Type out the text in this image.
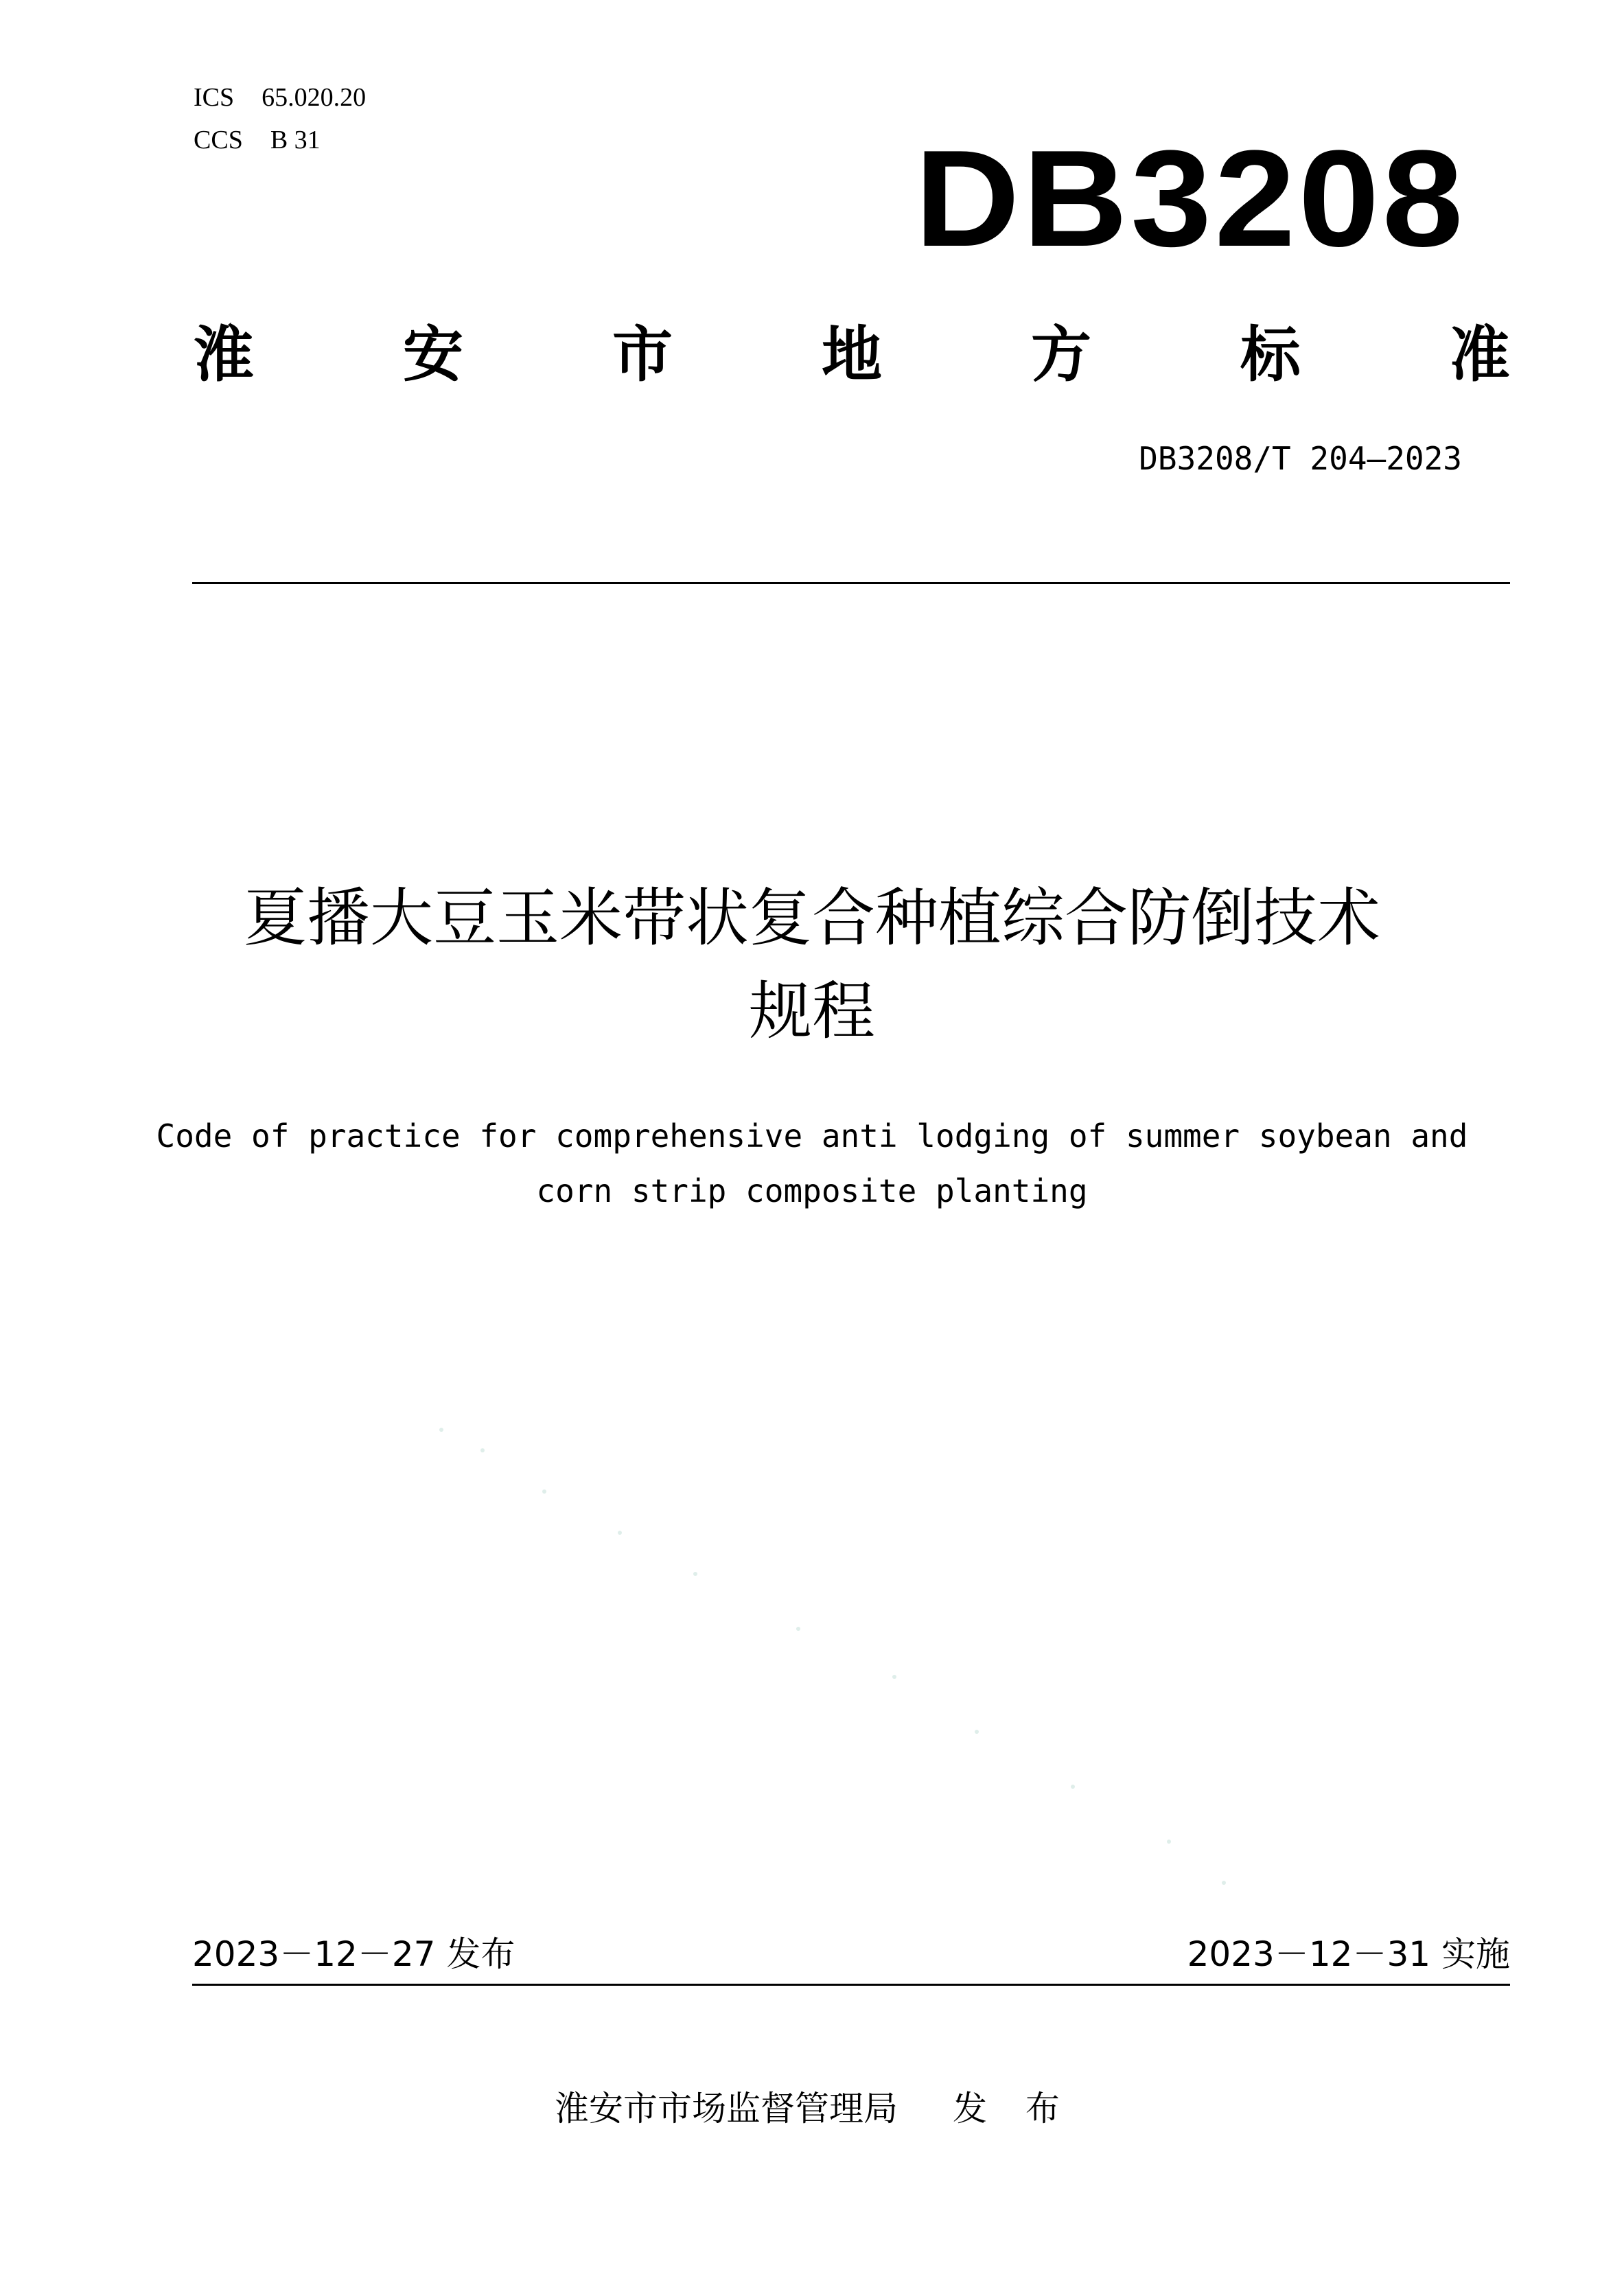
ICS 65.020.20
CCS B 31	DB3208
淮 安 市 地 方 标 准
DB3208/T 204—2023
夏播大豆玉米带状复合种植综合防倒技术
规程
Code of practice for comprehensive anti lodging of summer soybean and
corn strip composite planting
2023－12－27 发布	2023－12－31 实施
淮安市市场监督管理局 发 布
